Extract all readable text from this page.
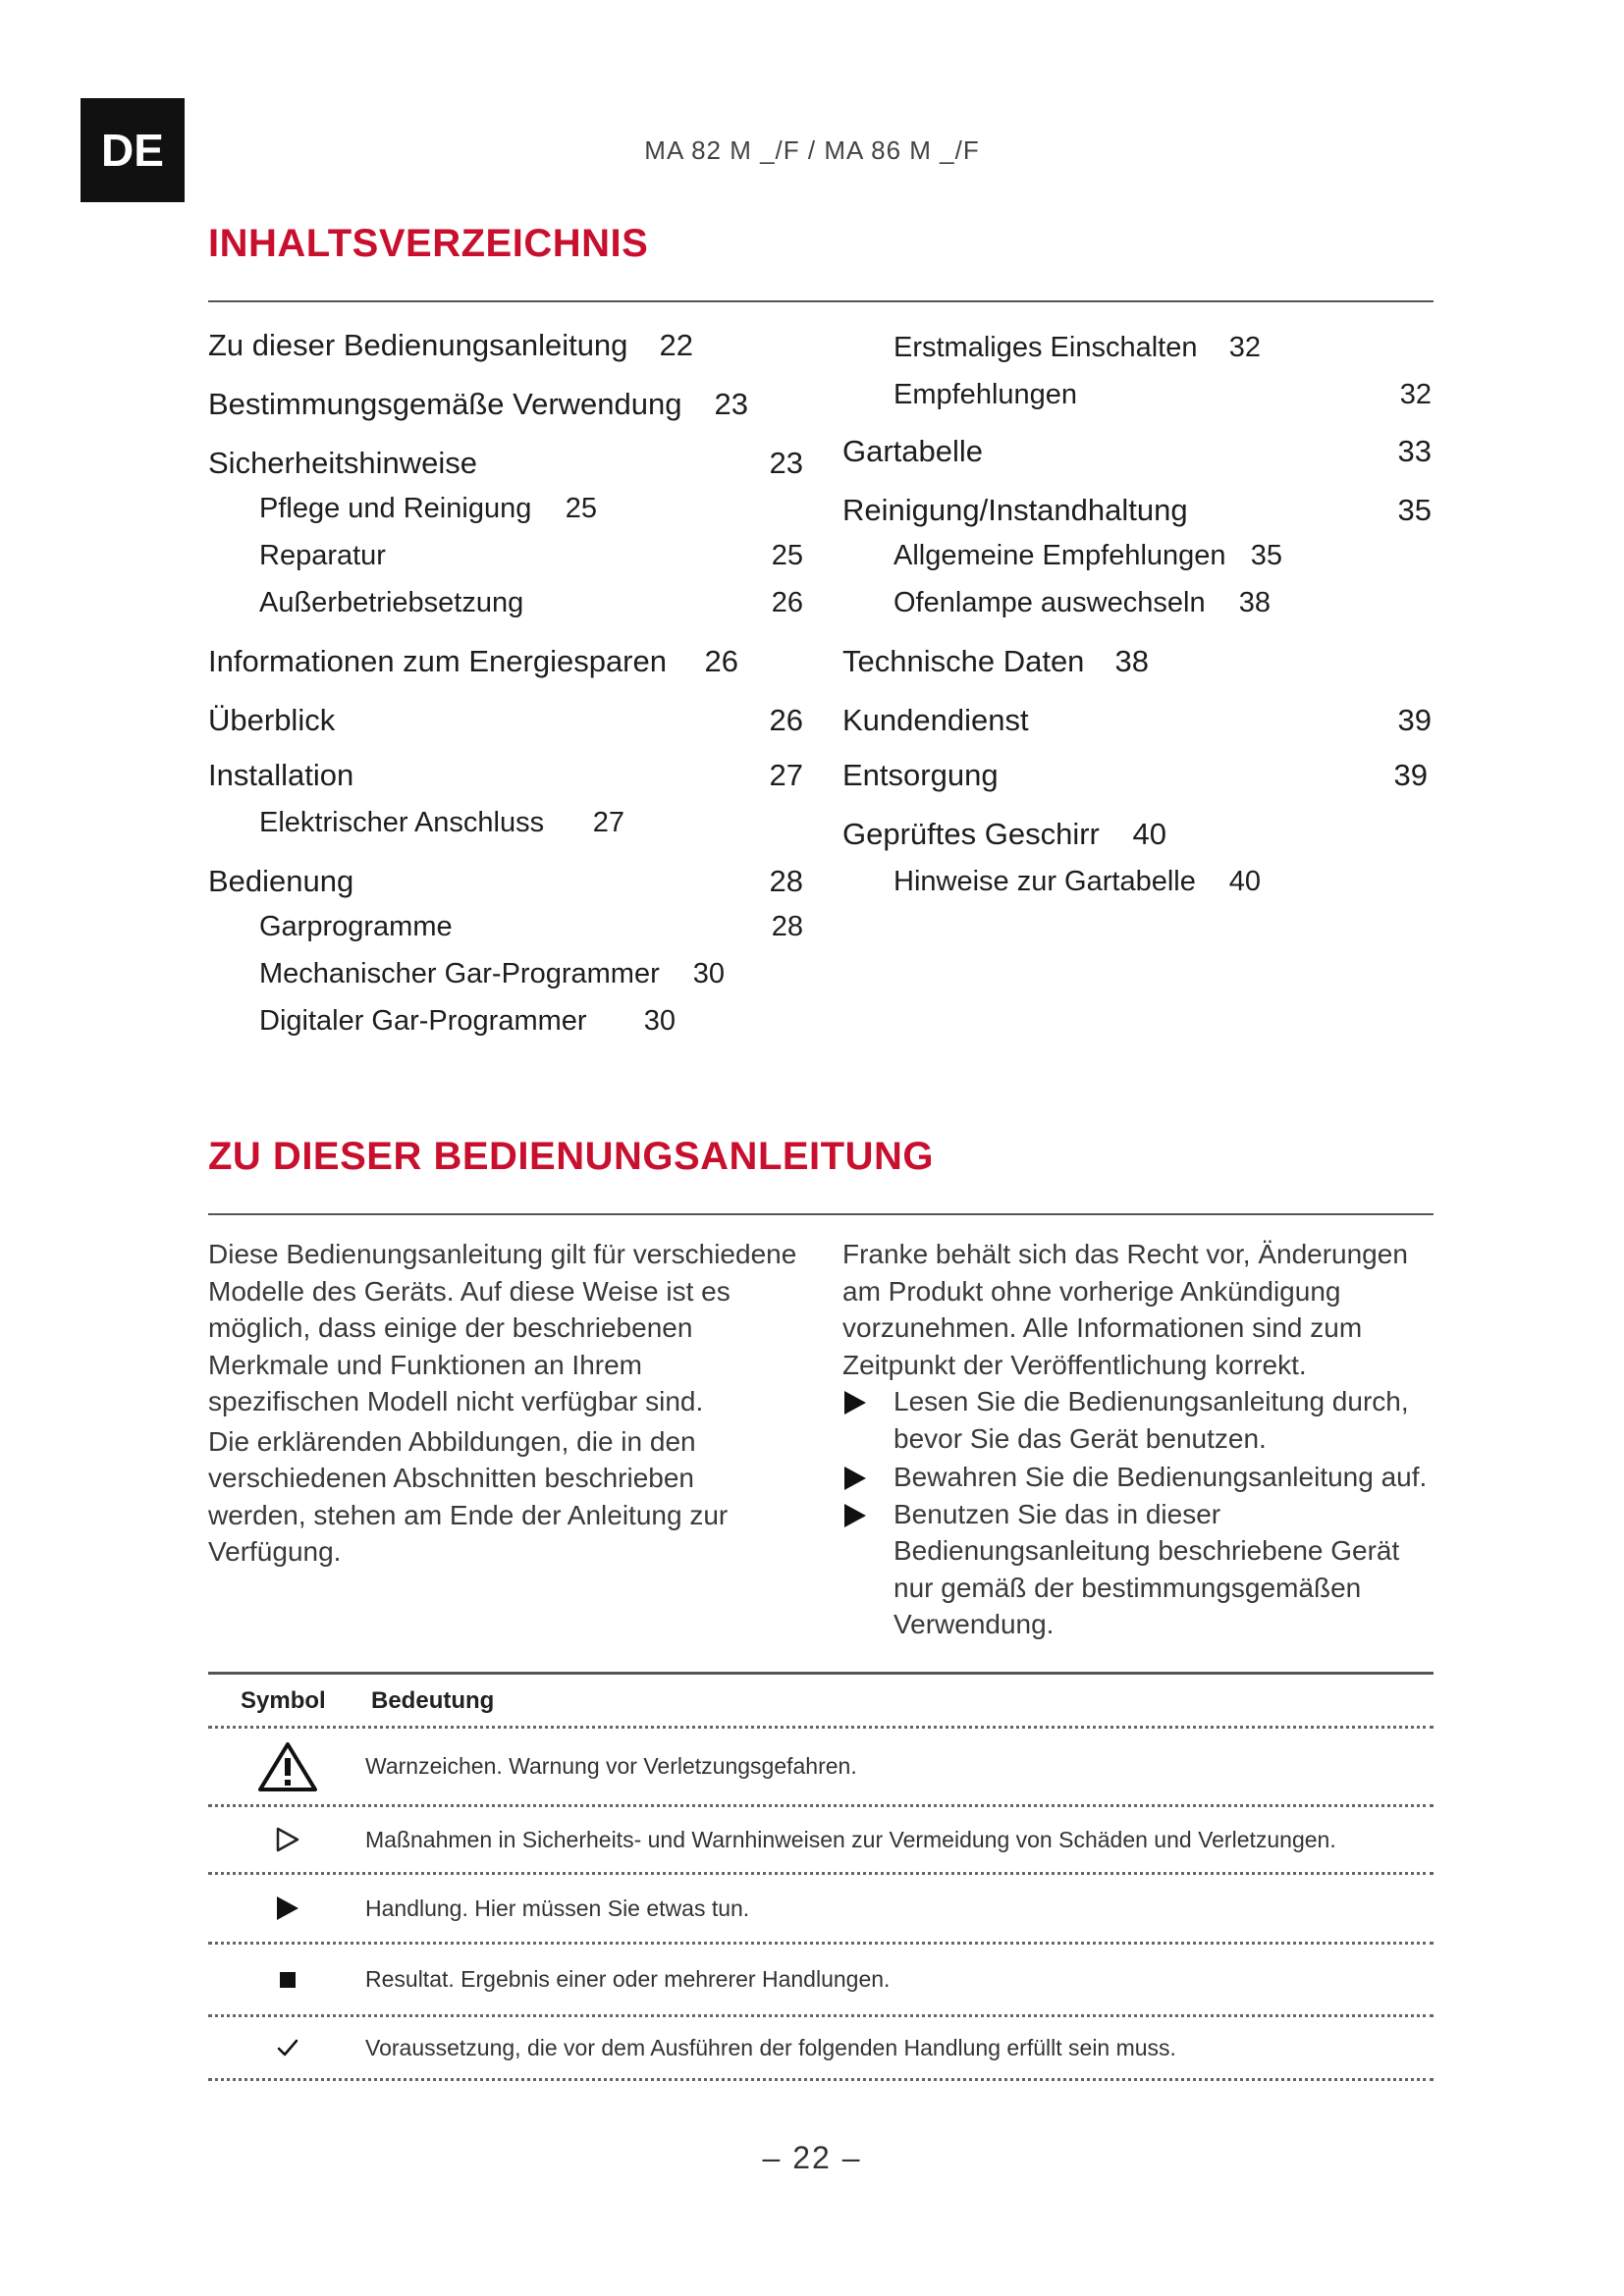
DE	MA 82 M _/F / MA 86 M _/F
INHALTSVERZEICHNIS
Zu dieser Bedienungsanleitung 22
Bestimmungsgemäße Verwendung 23
Sicherheitshinweise	23
Pflege und Reinigung 25
Reparatur	25
Außerbetriebsetzung	26
Informationen zum Energiesparen 26
Überblick	26
Installation	27
Elektrischer Anschluss 27
Bedienung	28
Garprogramme	28
Mechanischer Gar-Programmer 30
Digitaler Gar-Programmer 30
Erstmaliges Einschalten 32
Empfehlungen	32
Gartabelle	33
Reinigung/Instandhaltung	35
Allgemeine Empfehlungen 35
Ofenlampe auswechseln 38
Technische Daten 38
Kundendienst	39
Entsorgung	39
Geprüftes Geschirr 40
Hinweise zur Gartabelle 40
ZU DIESER BEDIENUNGSANLEITUNG

Diese Bedienungsanleitung gilt für verschiedene Modelle des Geräts. Auf diese Weise ist es möglich, dass einige der beschriebenen Merkmale und Funktionen an Ihrem spezifischen Modell nicht verfügbar sind.

Die erklärenden Abbildungen, die in den verschiedenen Abschnitten beschrieben werden, stehen am Ende der Anleitung zur Verfügung.

Franke behält sich das Recht vor, Änderungen am Produkt ohne vorherige Ankündigung vorzunehmen. Alle Informationen sind zum Zeitpunkt der Veröffentlichung korrekt.
Lesen Sie die Bedienungsanleitung durch, bevor Sie das Gerät benutzen.
Bewahren Sie die Bedienungsanleitung auf.
Benutzen Sie das in dieser Bedienungsanleitung beschriebene Gerät nur gemäß der bestimmungsgemäßen Verwendung.
Symbol Bedeutung
Warnzeichen. Warnung vor Verletzungsgefahren.
Maßnahmen in Sicherheits- und Warnhinweisen zur Vermeidung von Schäden und Verletzungen.
Handlung. Hier müssen Sie etwas tun.
Resultat. Ergebnis einer oder mehrerer Handlungen.
Voraussetzung, die vor dem Ausführen der folgenden Handlung erfüllt sein muss.
– 22 –
